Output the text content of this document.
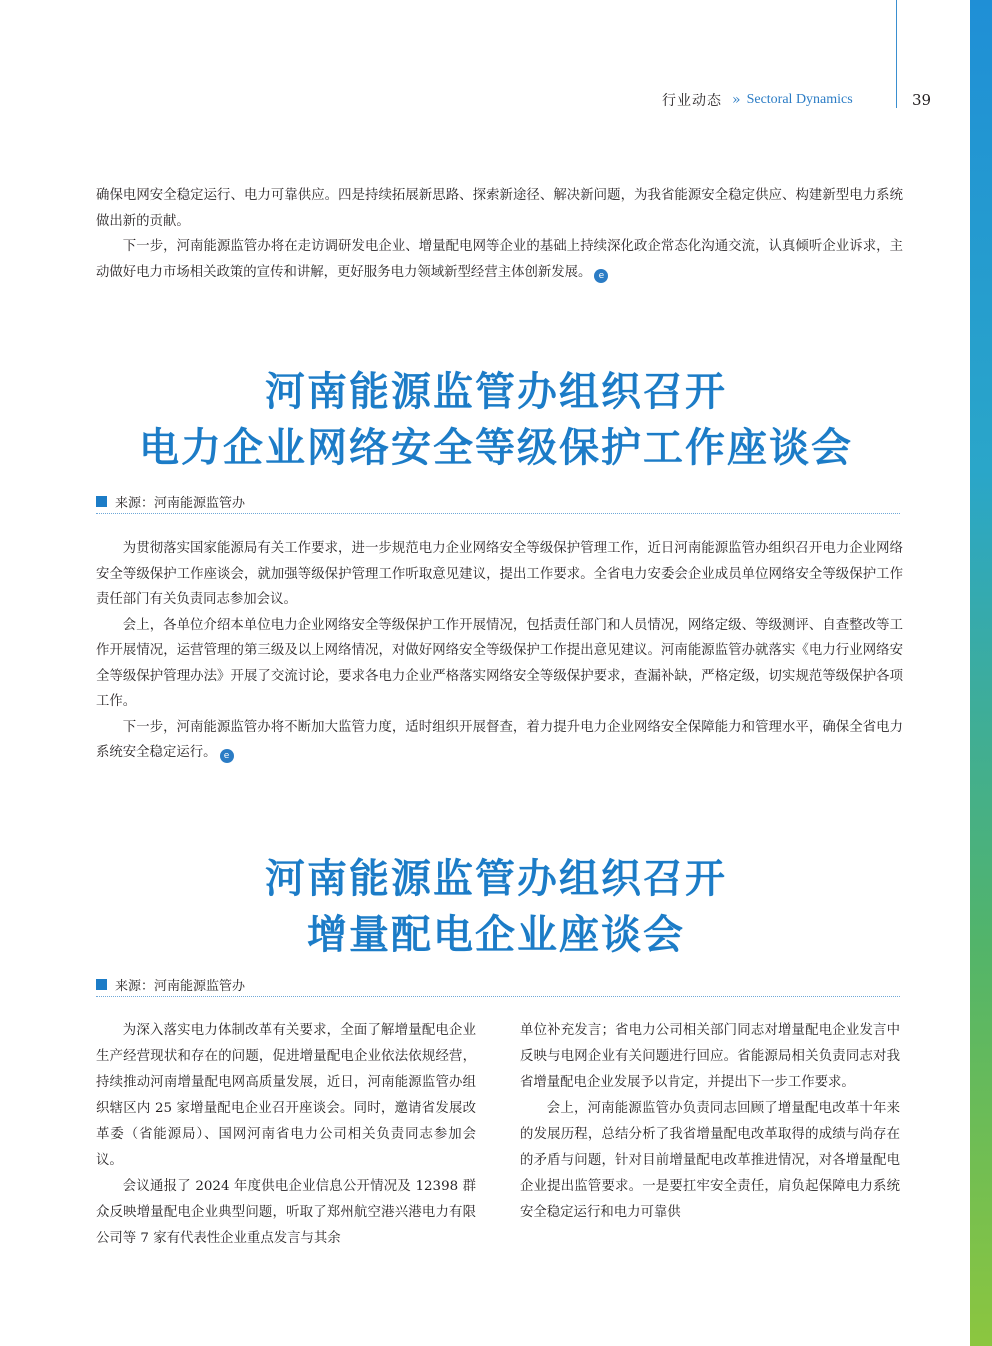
行业动态 » Sectoral Dynamics	39

确保电网安全稳定运行、电力可靠供应。四是持续拓展新思路、探索新途径、解决新问题，为我省能源安全稳定供应、构建新型电力系统做出新的贡献。

下一步，河南能源监管办将在走访调研发电企业、增量配电网等企业的基础上持续深化政企常态化沟通交流，认真倾听企业诉求，主动做好电力市场相关政策的宣传和讲解，更好服务电力领域新型经营主体创新发展。 e

河南能源监管办组织召开
电力企业网络安全等级保护工作座谈会
来源：河南能源监管办

为贯彻落实国家能源局有关工作要求，进一步规范电力企业网络安全等级保护管理工作，近日河南能源监管办组织召开电力企业网络安全等级保护工作座谈会，就加强等级保护管理工作听取意见建议，提出工作要求。全省电力安委会企业成员单位网络安全等级保护工作责任部门有关负责同志参加会议。

会上，各单位介绍本单位电力企业网络安全等级保护工作开展情况，包括责任部门和人员情况，网络定级、等级测评、自查整改等工作开展情况，运营管理的第三级及以上网络情况，对做好网络安全等级保护工作提出意见建议。河南能源监管办就落实《电力行业网络安全等级保护管理办法》开展了交流讨论，要求各电力企业严格落实网络安全等级保护要求，查漏补缺，严格定级，切实规范等级保护各项工作。

下一步，河南能源监管办将不断加大监管力度，适时组织开展督查，着力提升电力企业网络安全保障能力和管理水平，确保全省电力系统安全稳定运行。 e

河南能源监管办组织召开
增量配电企业座谈会
来源：河南能源监管办

为深入落实电力体制改革有关要求，全面了解增量配电企业生产经营现状和存在的问题，促进增量配电企业依法依规经营，持续推动河南增量配电网高质量发展，近日，河南能源监管办组织辖区内 25 家增量配电企业召开座谈会。同时，邀请省发展改革委（省能源局）、国网河南省电力公司相关负责同志参加会议。

会议通报了 2024 年度供电企业信息公开情况及 12398 群众反映增量配电企业典型问题，听取了郑州航空港兴港电力有限公司等 7 家有代表性企业重点发言与其余

单位补充发言；省电力公司相关部门同志对增量配电企业发言中反映与电网企业有关问题进行回应。省能源局相关负责同志对我省增量配电企业发展予以肯定，并提出下一步工作要求。

会上，河南能源监管办负责同志回顾了增量配电改革十年来的发展历程，总结分析了我省增量配电改革取得的成绩与尚存在的矛盾与问题，针对目前增量配电改革推进情况，对各增量配电企业提出监管要求。一是要扛牢安全责任，肩负起保障电力系统安全稳定运行和电力可靠供
